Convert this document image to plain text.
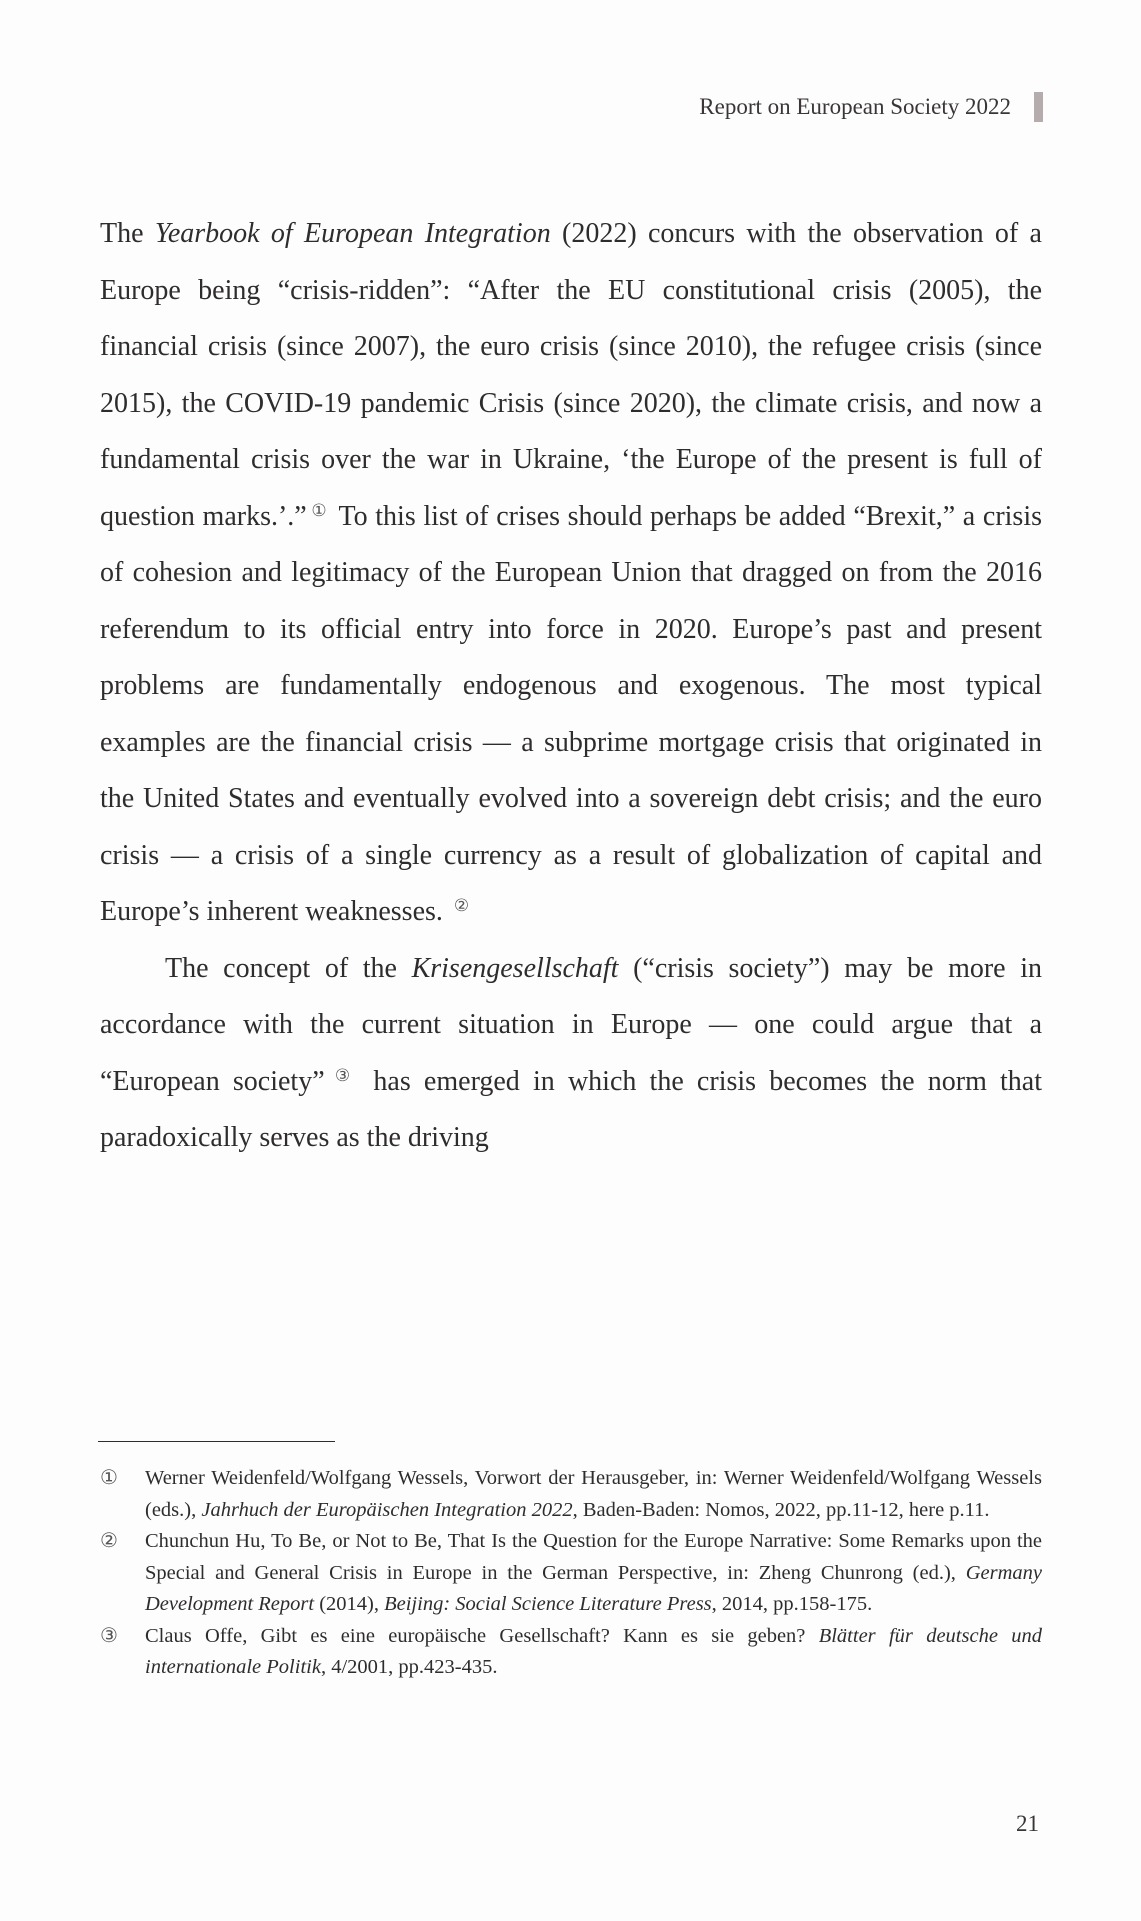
Report on European Society 2022

The Yearbook of European Integration (2022) concurs with the observation of a Europe being “crisis-ridden”: “After the EU constitutional crisis (2005), the financial crisis (since 2007), the euro crisis (since 2010), the refugee crisis (since 2015), the COVID-19 pandemic Crisis (since 2020), the climate crisis, and now a fundamental crisis over the war in Ukraine, ‘the Europe of the present is full of question marks.’.” ① To this list of crises should perhaps be added “Brexit,” a crisis of cohesion and legitimacy of the European Union that dragged on from the 2016 referendum to its official entry into force in 2020. Europe’s past and present problems are fundamentally endogenous and exogenous. The most typical examples are the financial crisis — a subprime mortgage crisis that originated in the United States and eventually evolved into a sovereign debt crisis; and the euro crisis — a crisis of a single currency as a result of globalization of capital and Europe’s inherent weaknesses. ②

The concept of the Krisengesellschaft (“crisis society”) may be more in accordance with the current situation in Europe — one could argue that a “European society” ③ has emerged in which the crisis becomes the norm that paradoxically serves as the driving

① Werner Weidenfeld/Wolfgang Wessels, Vorwort der Herausgeber, in: Werner Weidenfeld/Wolfgang Wessels (eds.), Jahrhuch der Europäischen Integration 2022, Baden-Baden: Nomos, 2022, pp.11-12, here p.11.
② Chunchun Hu, To Be, or Not to Be, That Is the Question for the Europe Narrative: Some Remarks upon the Special and General Crisis in Europe in the German Perspective, in: Zheng Chunrong (ed.), Germany Development Report (2014), Beijing: Social Science Literature Press, 2014, pp.158-175.
③ Claus Offe, Gibt es eine europäische Gesellschaft? Kann es sie geben? Blätter für deutsche und internationale Politik, 4/2001, pp.423-435.
21
